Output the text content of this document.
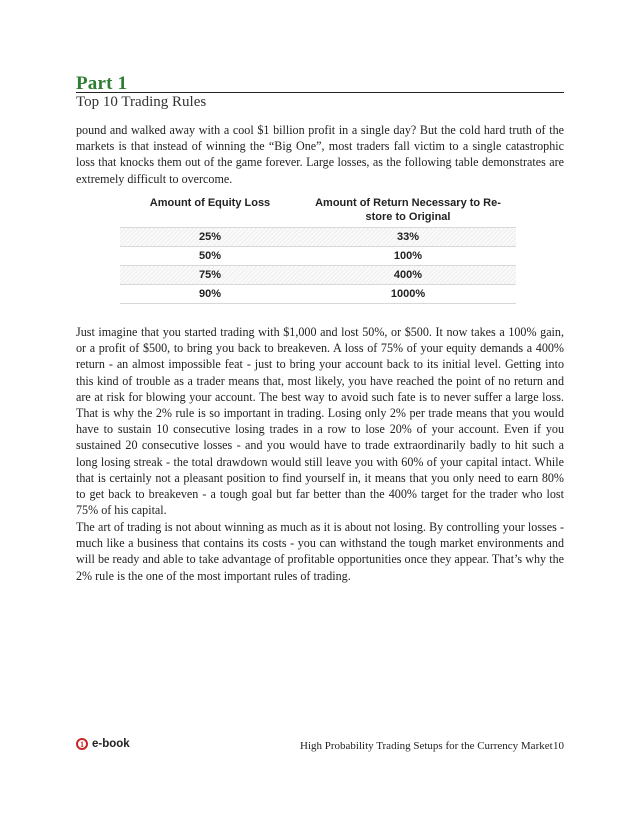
Part 1
Top 10 Trading Rules

pound and walked away with a cool $1 billion profit in a single day? But the cold hard truth of the markets is that instead of winning the “Big One”, most traders fall victim to a single catastrophic loss that knocks them out of the game forever. Large losses, as the following table demonstrates are extremely difficult to overcome.

Amount of Equity Loss	Amount of Return Necessary to Re-
store to Original
25%	33%
50%	100%
75%	400%
90%	1000%

Just imagine that you started trading with $1,000 and lost 50%, or $500. It now takes a 100% gain, or a profit of $500, to bring you back to breakeven. A loss of 75% of your equity demands a 400% return - an almost impossible feat - just to bring your account back to its initial level. Getting into this kind of trouble as a trader means that, most likely, you have reached the point of no return and are at risk for blowing your account. The best way to avoid such fate is to never suffer a large loss. That is why the 2% rule is so important in trading. Losing only 2% per trade means that you would have to sustain 10 consecutive losing trades in a row to lose 20% of your account. Even if you sustained 20 consecutive losses - and you would have to trade extraordinarily badly to hit such a long losing streak - the total drawdown would still leave you with 60% of your capital intact. While that is certainly not a pleasant position to find yourself in, it means that you only need to earn 80% to get back to breakeven - a tough goal but far better than the 400% target for the trader who lost 75% of his capital.

The art of trading is not about winning as much as it is about not losing. By controlling your losses - much like a business that contains its costs - you can withstand the tough market environments and will be ready and able to take advantage of profitable opportunities once they appear. That’s why the 2% rule is the one of the most important rules of trading.

1 e-book	High Probability Trading Setups for the Currency Market 10
